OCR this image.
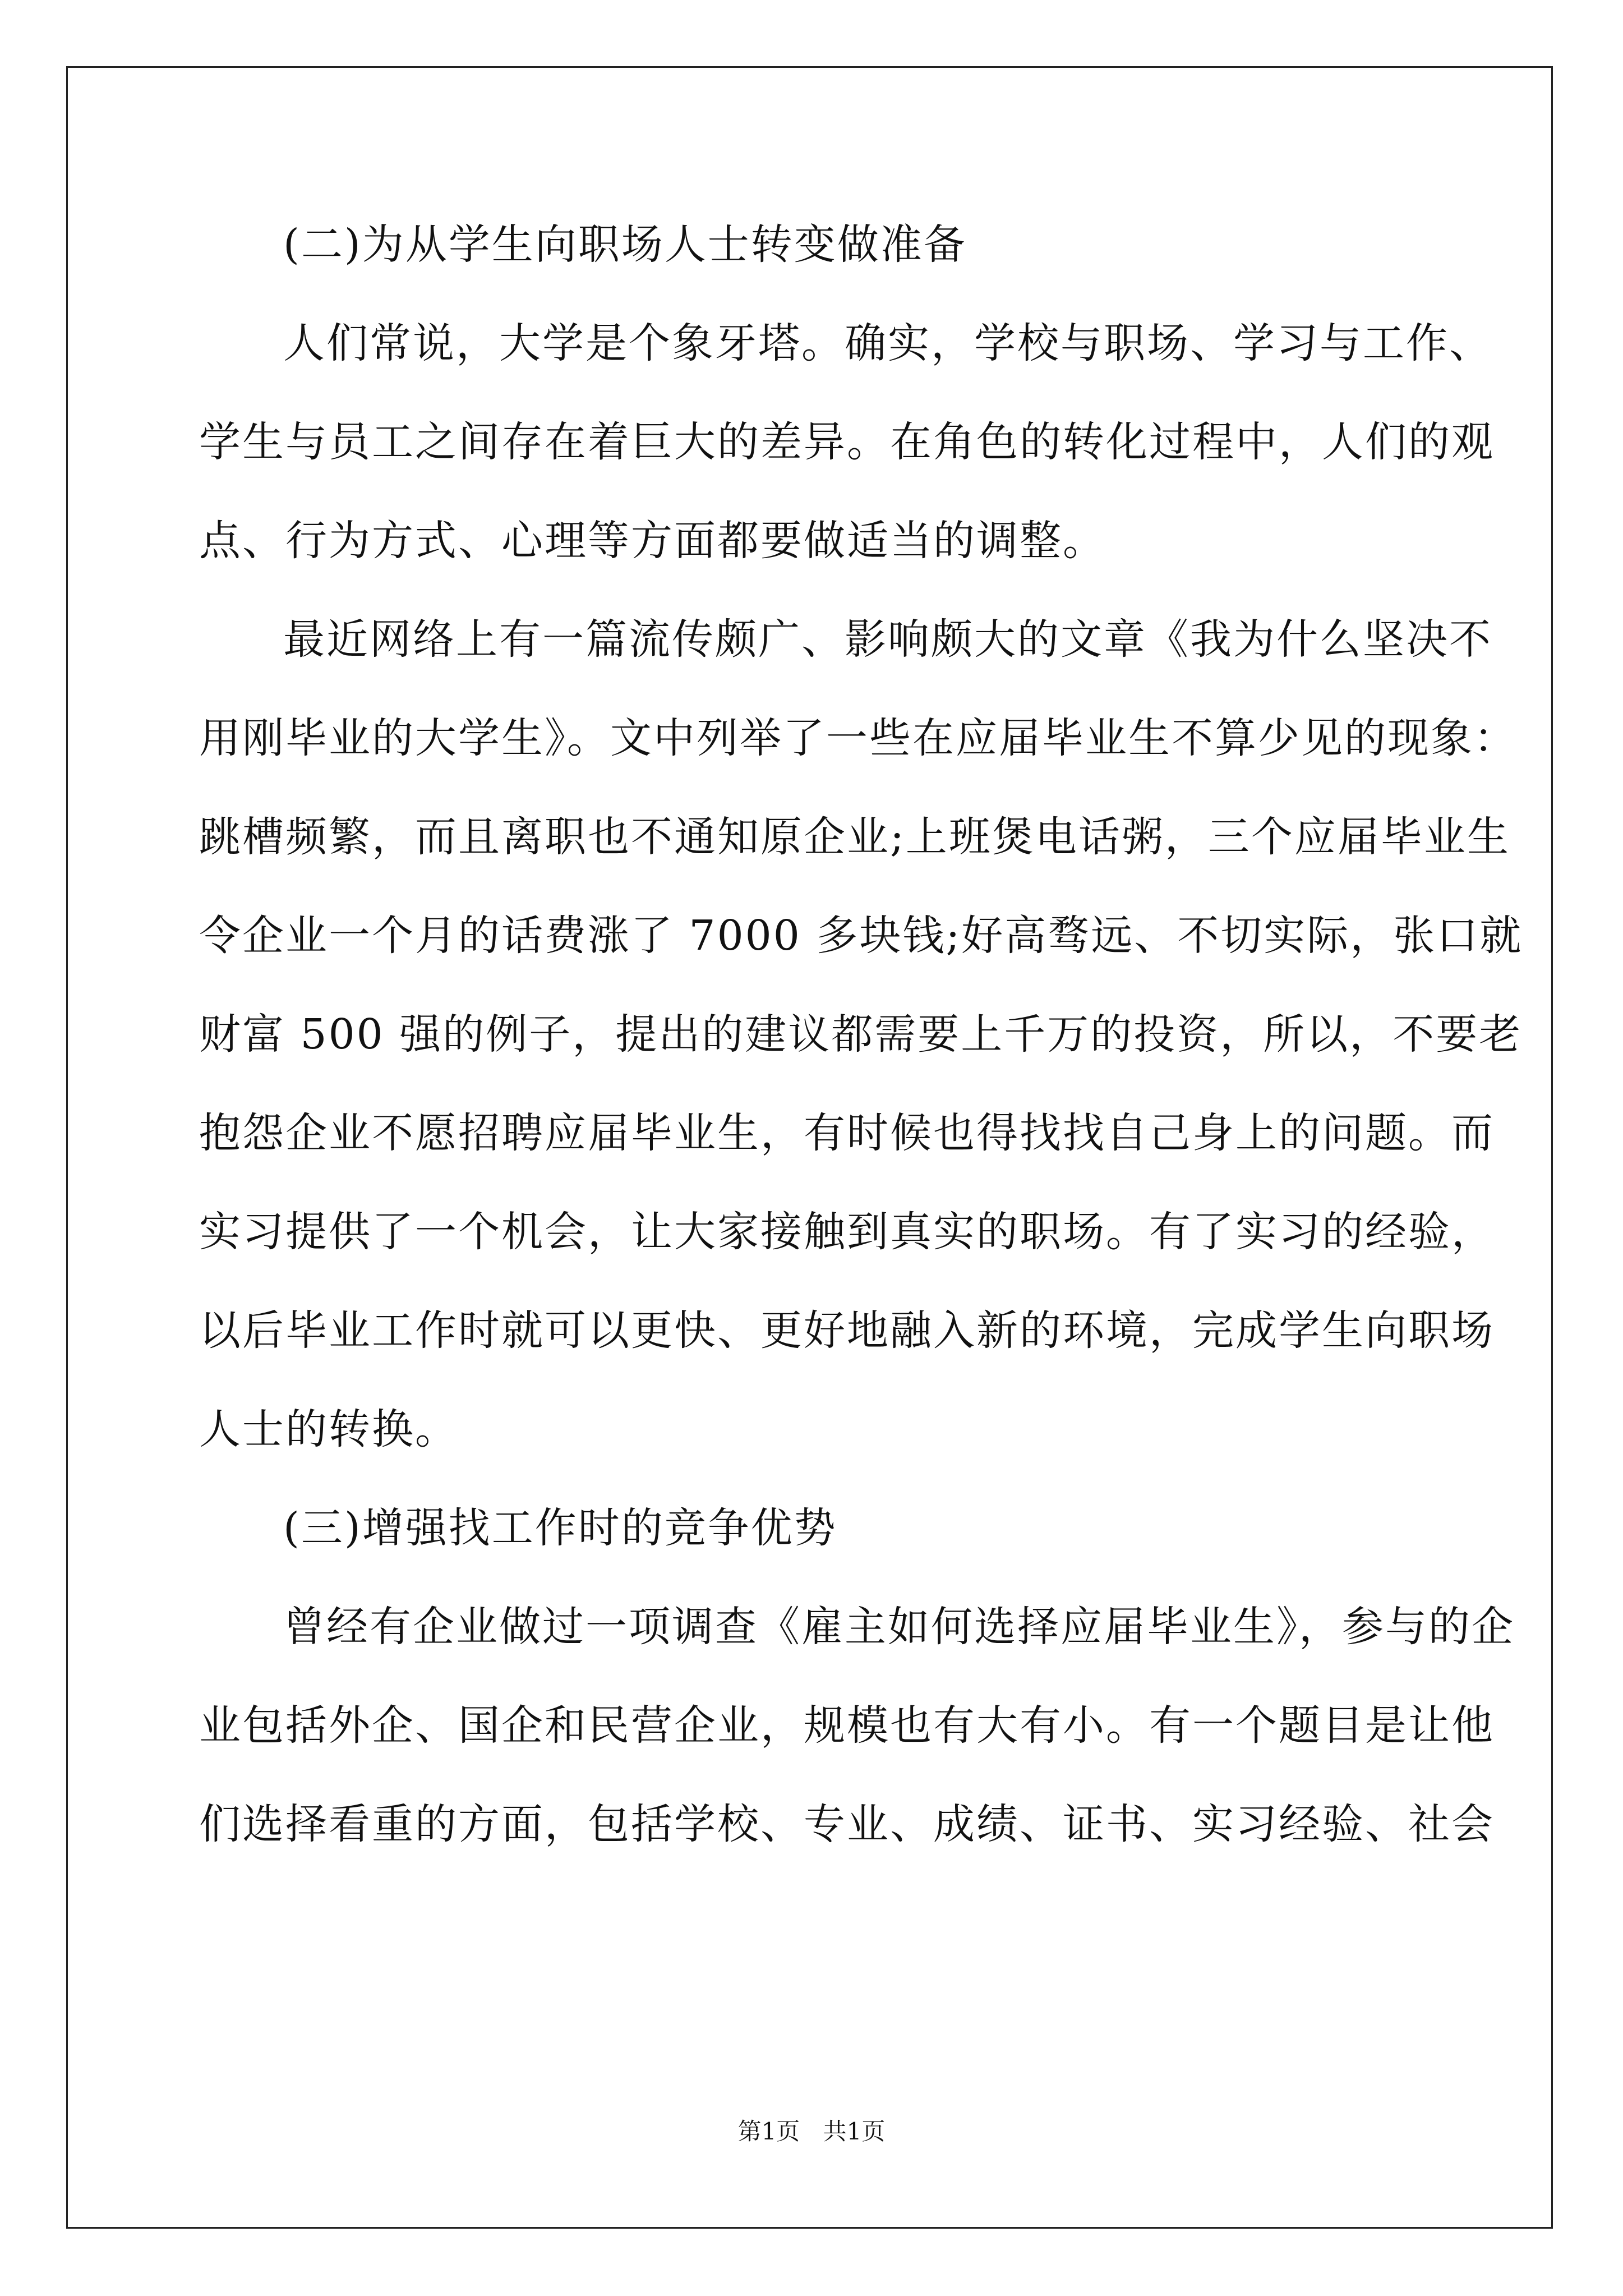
(二)为从学生向职场人士转变做准备
人们常说，大学是个象牙塔。确实，学校与职场、学习与工作、
学生与员工之间存在着巨大的差异。在角色的转化过程中，人们的观
点、行为方式、心理等方面都要做适当的调整。
最近网络上有一篇流传颇广、影响颇大的文章《我为什么坚决不
用刚毕业的大学生》。文中列举了一些在应届毕业生不算少见的现象：
跳槽频繁，而且离职也不通知原企业;上班煲电话粥，三个应届毕业生
令企业一个月的话费涨了 7000 多块钱;好高骛远、不切实际，张口就
财富 500 强的例子，提出的建议都需要上千万的投资，所以，不要老
抱怨企业不愿招聘应届毕业生，有时候也得找找自己身上的问题。而
实习提供了一个机会，让大家接触到真实的职场。有了实习的经验，
以后毕业工作时就可以更快、更好地融入新的环境，完成学生向职场
人士的转换。
(三)增强找工作时的竞争优势
曾经有企业做过一项调查《雇主如何选择应届毕业生》，参与的企
业包括外企、国企和民营企业，规模也有大有小。有一个题目是让他
们选择看重的方面，包括学校、专业、成绩、证书、实习经验、社会
第1页 共1页
